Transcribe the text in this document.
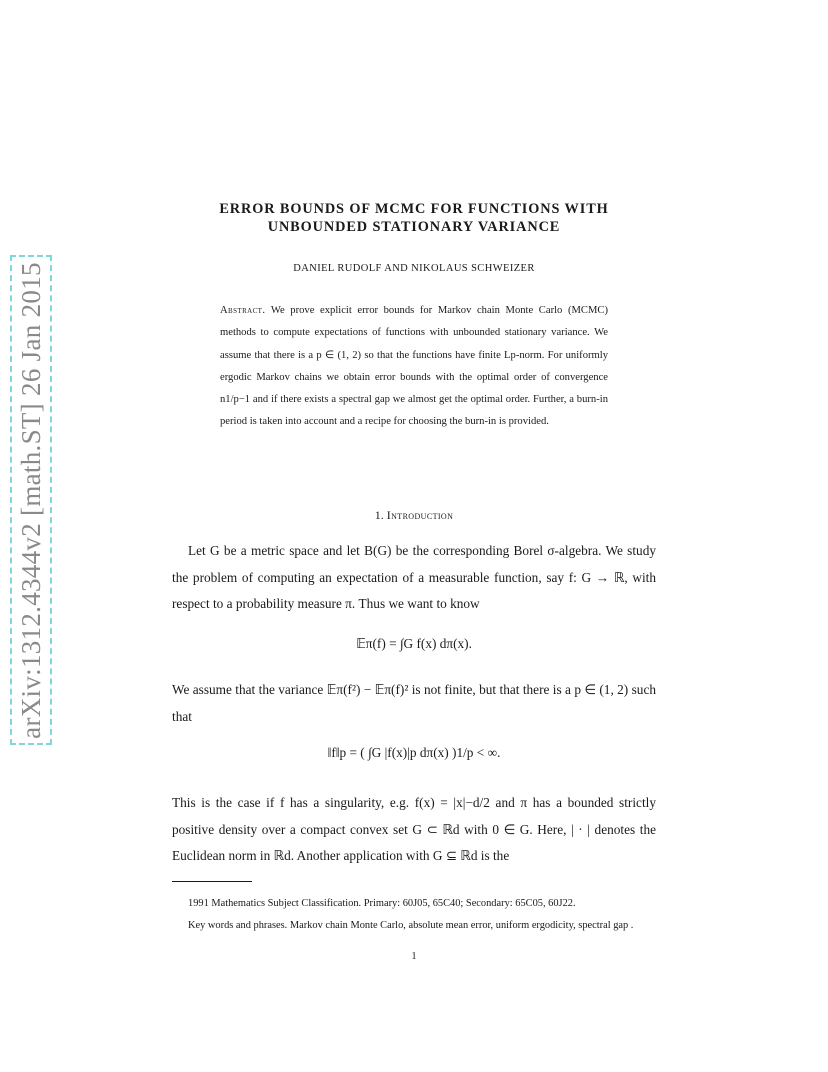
arXiv:1312.4344v2 [math.ST] 26 Jan 2015
ERROR BOUNDS OF MCMC FOR FUNCTIONS WITH
UNBOUNDED STATIONARY VARIANCE
DANIEL RUDOLF AND NIKOLAUS SCHWEIZER
Abstract. We prove explicit error bounds for Markov chain Monte Carlo (MCMC) methods to compute expectations of functions with unbounded stationary variance. We assume that there is a p ∈ (1, 2) so that the functions have finite Lp-norm. For uniformly ergodic Markov chains we obtain error bounds with the optimal order of convergence n1/p−1 and if there exists a spectral gap we almost get the optimal order. Further, a burn-in period is taken into account and a recipe for choosing the burn-in is provided.
1. Introduction
Let G be a metric space and let B(G) be the corresponding Borel σ-algebra. We study the problem of computing an expectation of a measurable function, say f: G → ℝ, with respect to a probability measure π. Thus we want to know
𝔼π(f) = ∫G f(x) dπ(x).
We assume that the variance 𝔼π(f²) − 𝔼π(f)² is not finite, but that there is a p ∈ (1, 2) such that
‖f‖p = ( ∫G |f(x)|p dπ(x) )1/p < ∞.
This is the case if f has a singularity, e.g. f(x) = |x|−d/2 and π has a bounded strictly positive density over a compact convex set G ⊂ ℝd with 0 ∈ G. Here, | · | denotes the Euclidean norm in ℝd. Another application with G ⊆ ℝd is the
1991 Mathematics Subject Classification. Primary: 60J05, 65C40; Secondary: 65C05, 60J22.
Key words and phrases. Markov chain Monte Carlo, absolute mean error, uniform ergodicity, spectral gap .
1
